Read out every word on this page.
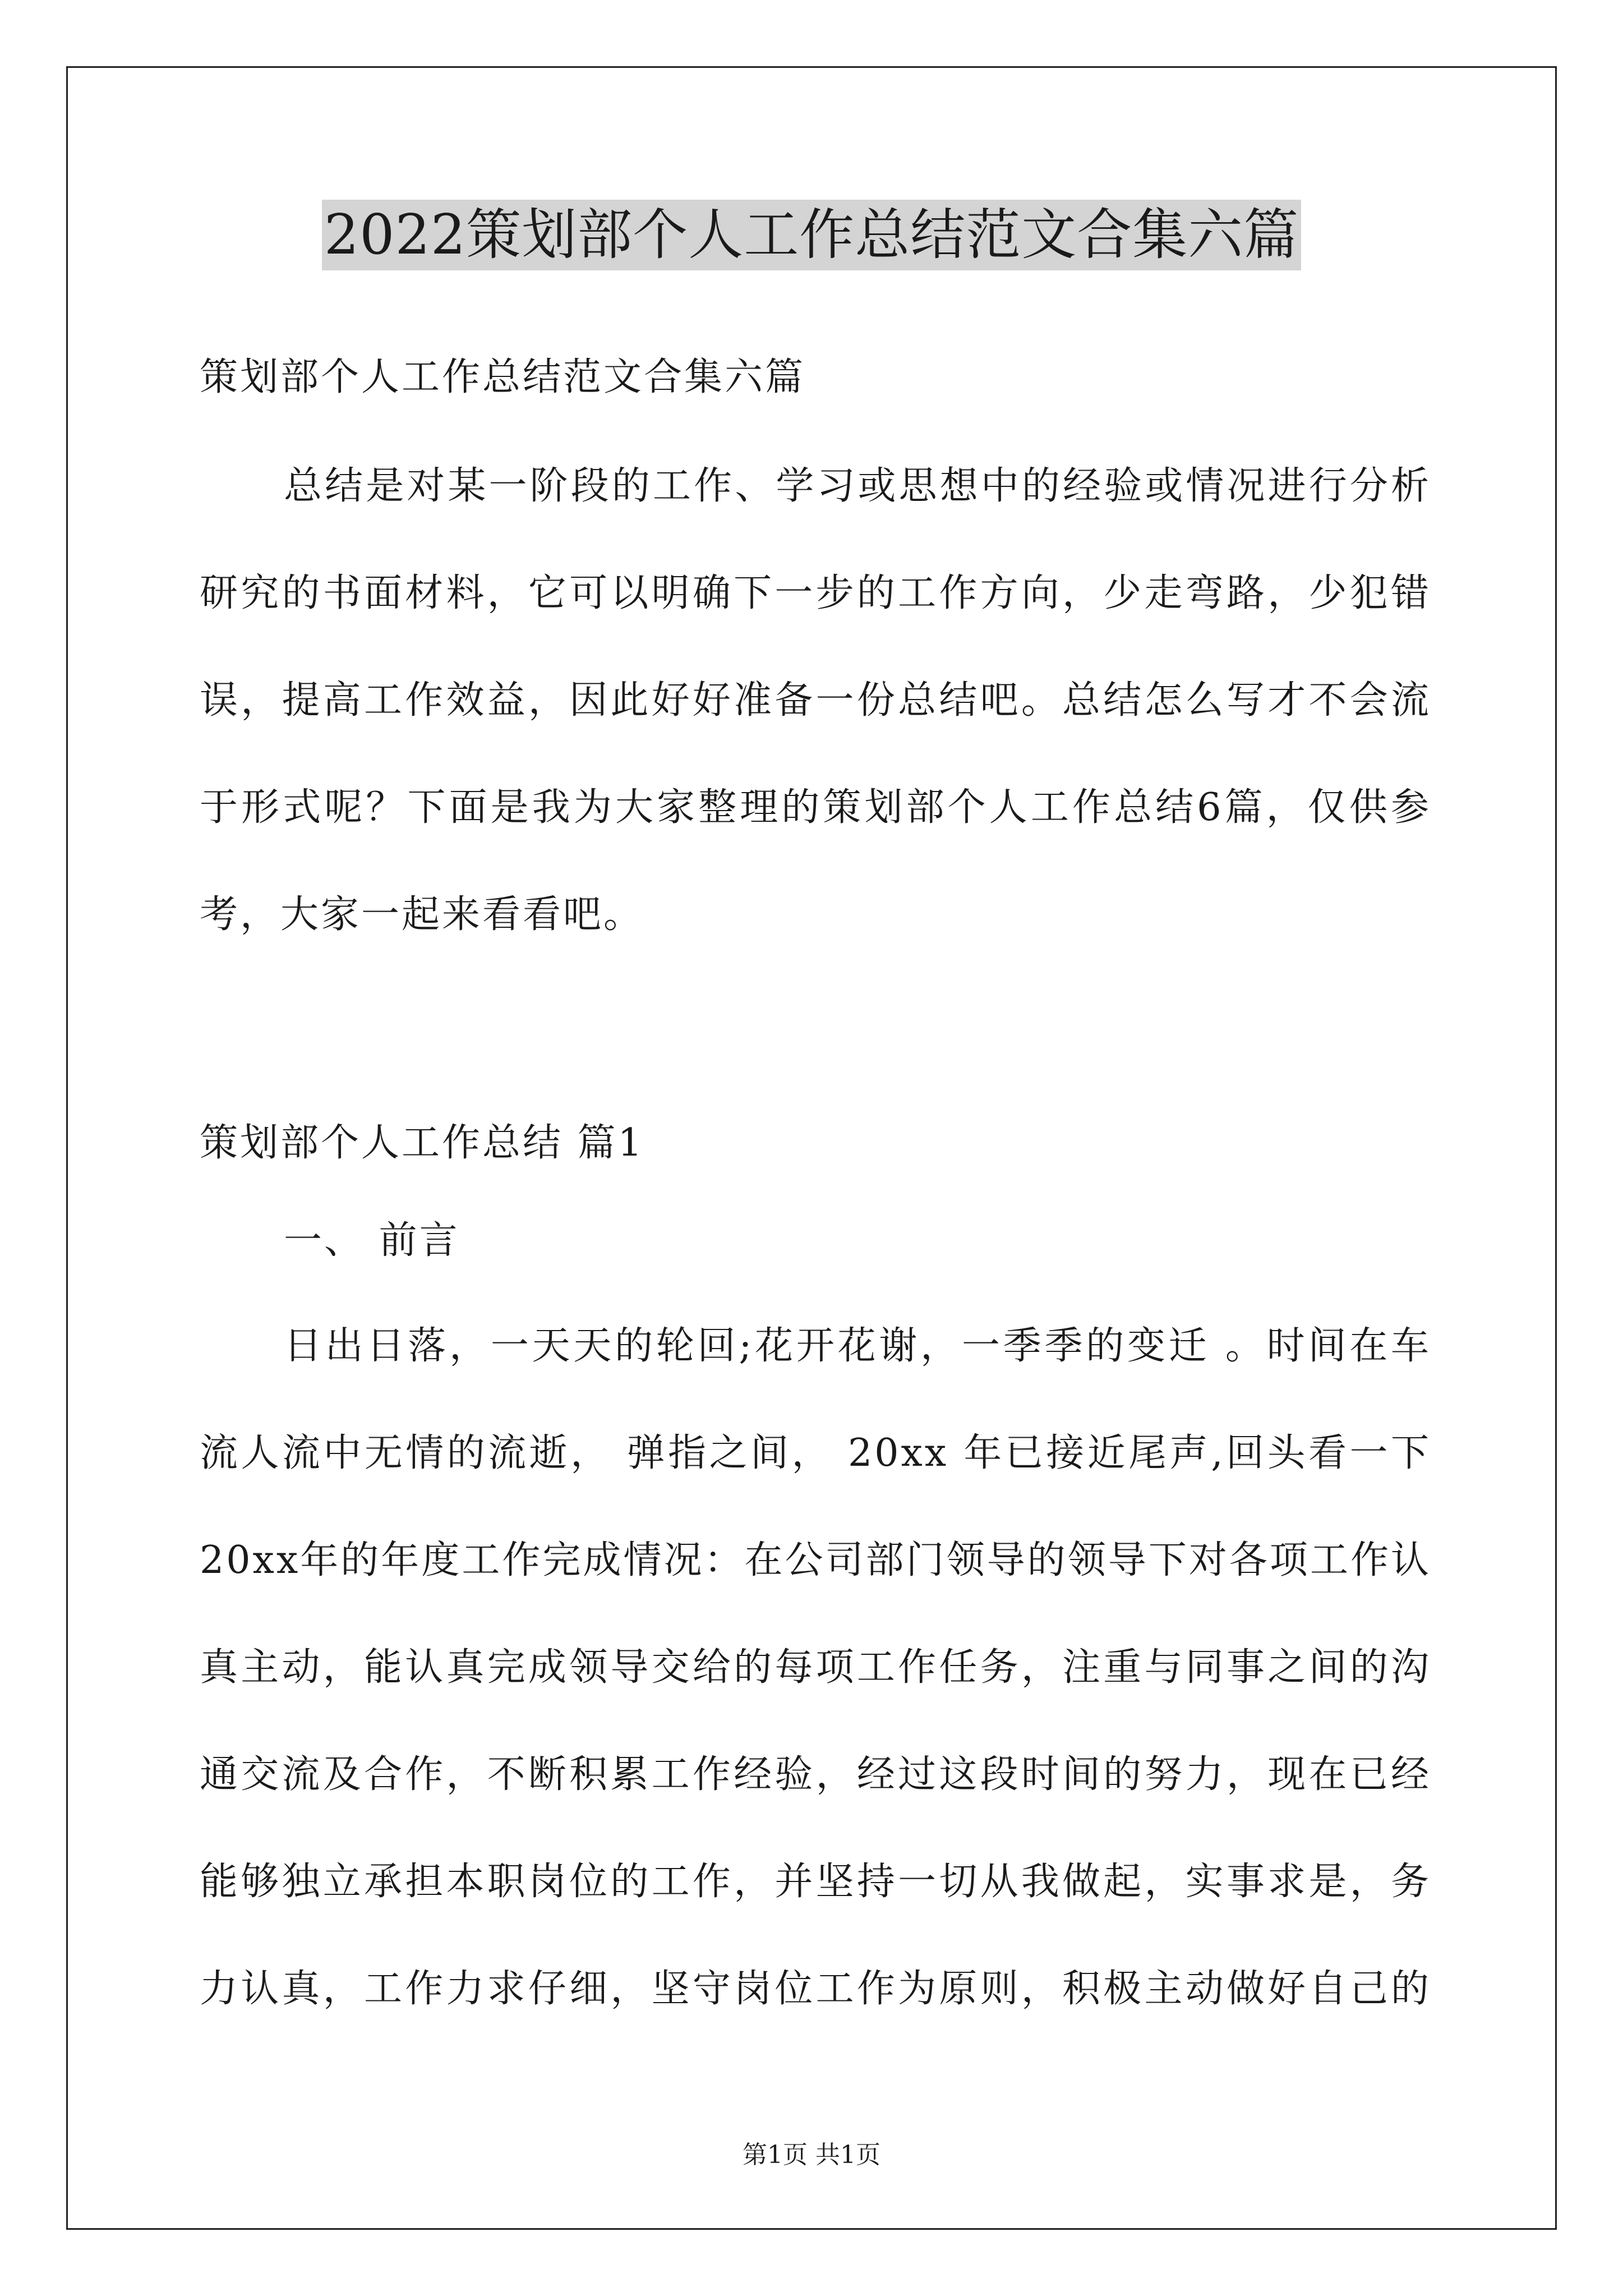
2022策划部个人工作总结范文合集六篇
策划部个人工作总结范文合集六篇
总结是对某一阶段的工作、学习或思想中的经验或情况进行分析
研究的书面材料，它可以明确下一步的工作方向，少走弯路，少犯错
误，提高工作效益，因此好好准备一份总结吧。总结怎么写才不会流
于形式呢？下面是我为大家整理的策划部个人工作总结6篇，仅供参
考，大家一起来看看吧。
策划部个人工作总结 篇1
一、 前言
日出日落，一天天的轮回;花开花谢，一季季的变迁 。时间在车
流人流中无情的流逝， 弹指之间， 20xx 年已接近尾声,回头看一下
20xx年的年度工作完成情况：在公司部门领导的领导下对各项工作认
真主动，能认真完成领导交给的每项工作任务，注重与同事之间的沟
通交流及合作，不断积累工作经验，经过这段时间的努力，现在已经
能够独立承担本职岗位的工作，并坚持一切从我做起，实事求是，务
力认真，工作力求仔细，坚守岗位工作为原则，积极主动做好自己的
第1页 共1页
